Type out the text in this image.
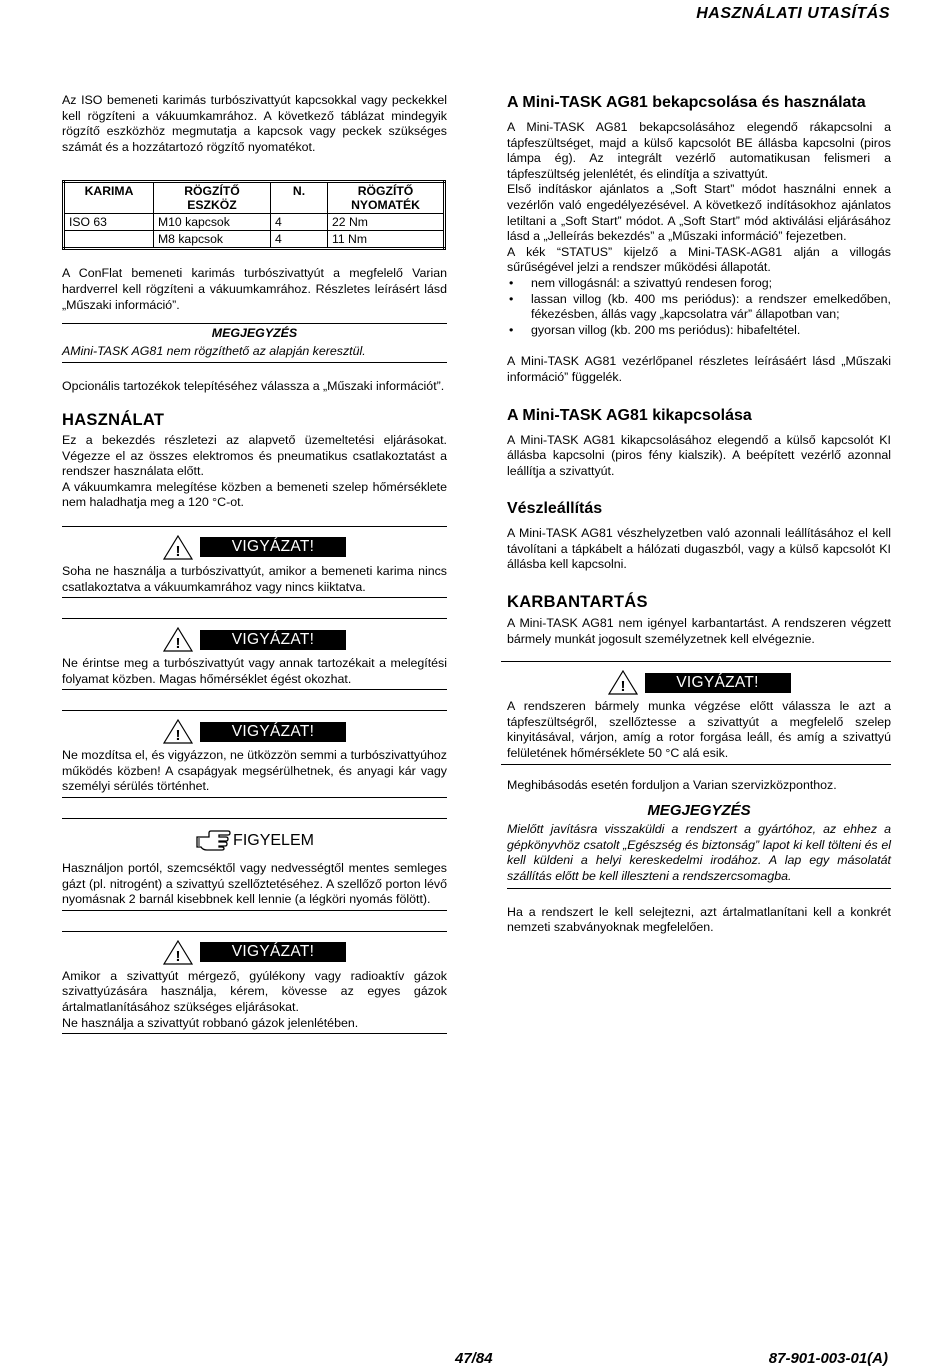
HASZNÁLATI UTASÍTÁS

Az ISO bemeneti karimás turbószivattyút kapcsokkal vagy peckekkel kell rögzíteni a vákuumkamrához. A következő táblázat mindegyik rögzítő eszközhöz megmutatja a kapcsok vagy peckek szükséges számát és a hozzátartozó rögzítő nyomatékot.

KARIMA	RÖGZÍTŐ ESZKÖZ	N.	RÖGZÍTŐ NYOMATÉK
ISO 63	M10 kapcsok	4	22 Nm
	M8 kapcsok	4	11 Nm

A ConFlat bemeneti karimás turbószivattyút a megfelelő Varian hardverrel kell rögzíteni a vákuumkamrához. Részletes leírásért lásd „Műszaki információ”.

MEGJEGYZÉS

AMini-TASK AG81 nem rögzíthető az alapján keresztül.

Opcionális tartozékok telepítéséhez válassza a „Műszaki információt”.

HASZNÁLAT

Ez a bekezdés részletezi az alapvető üzemeltetési eljárásokat. Végezze el az összes elektromos és pneumatikus csatlakoztatást a rendszer használata előtt.

A vákuumkamra melegítése közben a bemeneti szelep hőmérséklete nem haladhatja meg a 120 °C-ot.

!	VIGYÁZAT!

Soha ne használja a turbószivattyút, amikor a bemeneti karima nincs csatlakoztatva a vákuumkamrához vagy nincs kiiktatva.

!	VIGYÁZAT!

Ne érintse meg a turbószivattyút vagy annak tartozékait a melegítési folyamat közben. Magas hőmérséklet égést okozhat.

!	VIGYÁZAT!

Ne mozdítsa el, és vigyázzon, ne ütközzön semmi a turbószivattyúhoz működés közben! A csapágyak megsérülhetnek, és anyagi kár vagy személyi sérülés történhet.

FIGYELEM

Használjon portól, szemcséktől vagy nedvességtől mentes semleges gázt (pl. nitrogént) a szivattyú szellőztetéséhez. A szellőző porton lévő nyomásnak 2 barnál kisebbnek kell lennie (a légköri nyomás fölött).

!	VIGYÁZAT!

Amikor a szivattyút mérgező, gyúlékony vagy radioaktív gázok szivattyúzására használja, kérem, kövesse az egyes gázok ártalmatlanításához szükséges eljárásokat.

Ne használja a szivattyút robbanó gázok jelenlétében.

A Mini-TASK AG81 bekapcsolása és használata

A Mini-TASK AG81 bekapcsolásához elegendő rákapcsolni a tápfeszültséget, majd a külső kapcsolót BE állásba kapcsolni (piros lámpa ég). Az integrált vezérlő automatikusan felismeri a tápfeszültség jelenlétét, és elindítja a szivattyút.

Első indításkor ajánlatos a „Soft Start” módot használni ennek a vezérlőn való engedélyezésével. A következő indításokhoz ajánlatos letiltani a „Soft Start” módot. A „Soft Start” mód aktiválási eljárásához lásd a „Jelleírás bekezdés” a „Műszaki információ” fejezetben.

A kék “STATUS” kijelző a Mini-TASK-AG81 alján a villogás sűrűségével jelzi a rendszer működési állapotát.

• nem villogásnál: a szivattyú rendesen forog;
• lassan villog (kb. 400 ms periódus): a rendszer emelkedőben, fékezésben, állás vagy „kapcsolatra vár” állapotban van;
• gyorsan villog (kb. 200 ms periódus): hibafeltétel.

A Mini-TASK AG81 vezérlőpanel részletes leírásáért lásd „Műszaki információ” függelék.

A Mini-TASK AG81 kikapcsolása

A Mini-TASK AG81 kikapcsolásához elegendő a külső kapcsolót KI állásba kapcsolni (piros fény kialszik). A beépített vezérlő azonnal leállítja a szivattyút.

Vészleállítás

A Mini-TASK AG81 vészhelyzetben való azonnali leállításához el kell távolítani a tápkábelt a hálózati dugaszból, vagy a külső kapcsolót KI állásba kell kapcsolni.

KARBANTARTÁS

A Mini-TASK AG81 nem igényel karbantartást. A rendszeren végzett bármely munkát jogosult személyzetnek kell elvégeznie.

!	VIGYÁZAT!

A rendszeren bármely munka végzése előtt válassza le azt a tápfeszültségről, szellőztesse a szivattyút a megfelelő szelep kinyitásával, várjon, amíg a rotor forgása leáll, és amíg a szivattyú felületének hőmérséklete 50 °C alá esik.

Meghibásodás esetén forduljon a Varian szervizközponthoz.

MEGJEGYZÉS

Mielőtt javításra visszaküldi a rendszert a gyártóhoz, az ehhez a gépkönyvhöz csatolt „Egészség és biztonság” lapot ki kell tölteni és el kell küldeni a helyi kereskedelmi irodához. A lap egy másolatát szállítás előtt be kell illeszteni a rendszercsomagba.

Ha a rendszert le kell selejtezni, azt ártalmatlanítani kell a konkrét nemzeti szabványoknak megfelelően.

47/84	87-901-003-01(A)
